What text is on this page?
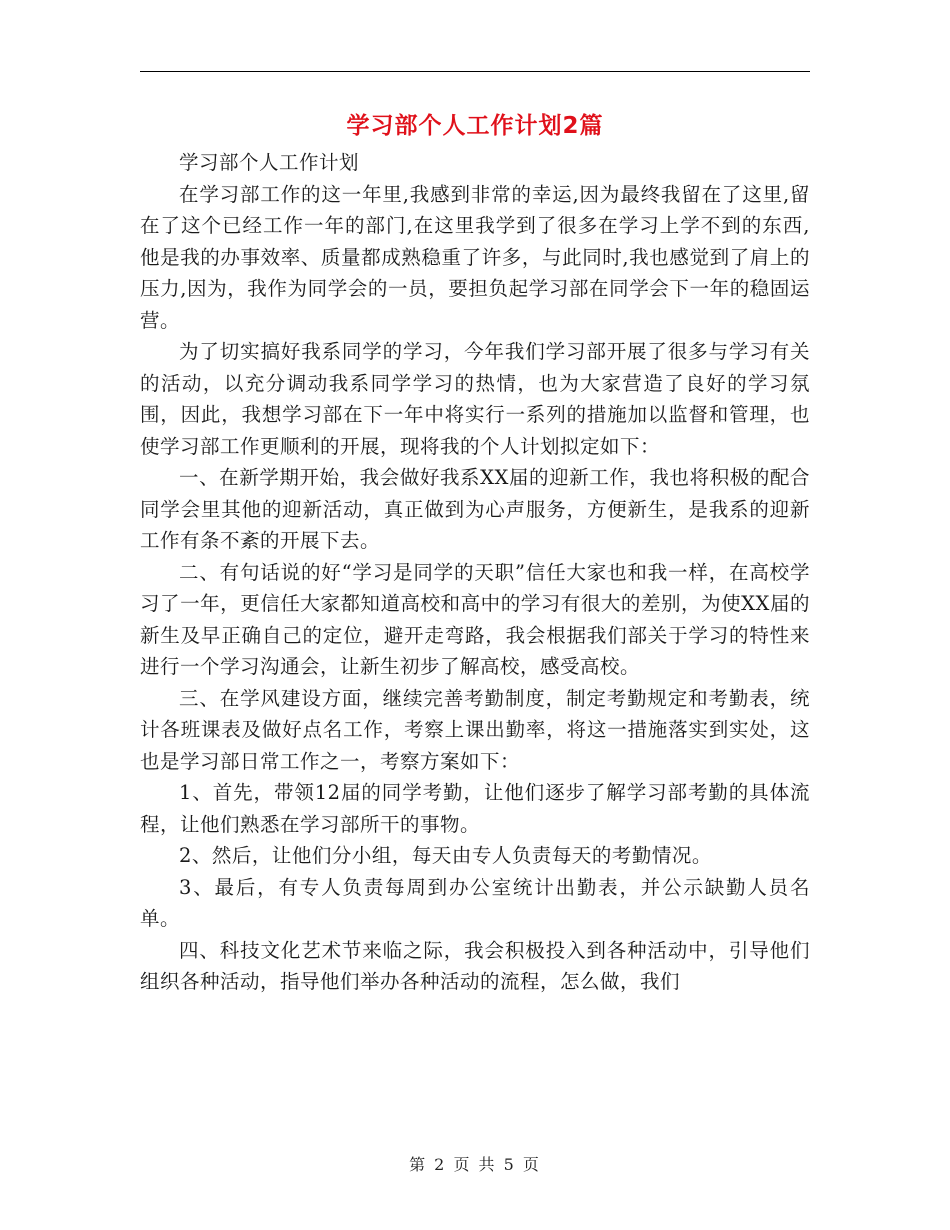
学习部个人工作计划2篇

学习部个人工作计划

在学习部工作的这一年里,我感到非常的幸运,因为最终我留在了这里,留在了这个已经工作一年的部门,在这里我学到了很多在学习上学不到的东西,他是我的办事效率、质量都成熟稳重了许多，与此同时,我也感觉到了肩上的压力,因为，我作为同学会的一员，要担负起学习部在同学会下一年的稳固运营。

为了切实搞好我系同学的学习，今年我们学习部开展了很多与学习有关的活动，以充分调动我系同学学习的热情，也为大家营造了良好的学习氛围，因此，我想学习部在下一年中将实行一系列的措施加以监督和管理，也使学习部工作更顺利的开展，现将我的个人计划拟定如下：

一、在新学期开始，我会做好我系XX届的迎新工作，我也将积极的配合同学会里其他的迎新活动，真正做到为心声服务，方便新生，是我系的迎新工作有条不紊的开展下去。

二、有句话说的好“学习是同学的天职”信任大家也和我一样，在高校学习了一年，更信任大家都知道高校和高中的学习有很大的差别，为使XX届的新生及早正确自己的定位，避开走弯路，我会根据我们部关于学习的特性来进行一个学习沟通会，让新生初步了解高校，感受高校。

三、在学风建设方面，继续完善考勤制度，制定考勤规定和考勤表，统计各班课表及做好点名工作，考察上课出勤率，将这一措施落实到实处，这也是学习部日常工作之一，考察方案如下：

1、首先，带领12届的同学考勤，让他们逐步了解学习部考勤的具体流程，让他们熟悉在学习部所干的事物。

2、然后，让他们分小组，每天由专人负责每天的考勤情况。

3、最后，有专人负责每周到办公室统计出勤表，并公示缺勤人员名单。

四、科技文化艺术节来临之际，我会积极投入到各种活动中，引导他们组织各种活动，指导他们举办各种活动的流程，怎么做，我们

第 2 页 共 5 页
